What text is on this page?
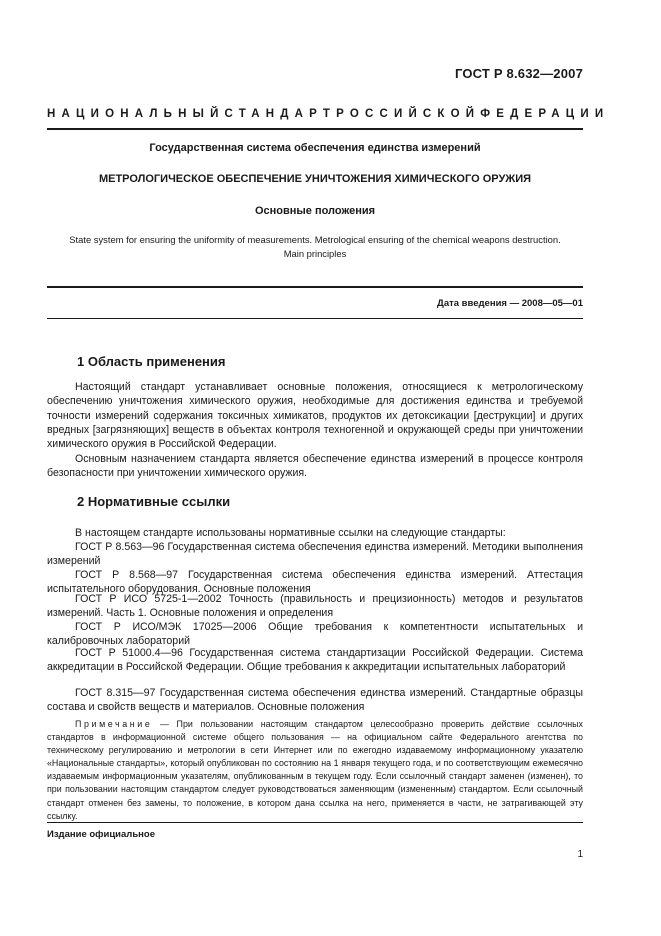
ГОСТ Р 8.632—2007
НАЦИОНАЛЬНЫЙ СТАНДАРТ РОССИЙСКОЙ ФЕДЕРАЦИИ
Государственная система обеспечения единства измерений
МЕТРОЛОГИЧЕСКОЕ ОБЕСПЕЧЕНИЕ УНИЧТОЖЕНИЯ ХИМИЧЕСКОГО ОРУЖИЯ
Основные положения
State system for ensuring the uniformity of measurements. Metrological ensuring of the chemical weapons destruction.
Main principles
Дата введения — 2008—05—01
1 Область применения
Настоящий стандарт устанавливает основные положения, относящиеся к метрологическому обеспечению уничтожения химического оружия, необходимые для достижения единства и требуемой точности измерений содержания токсичных химикатов, продуктов их детоксикации [деструкции] и других вредных [загрязняющих] веществ в объектах контроля техногенной и окружающей среды при уничтожении химического оружия в Российской Федерации.
Основным назначением стандарта является обеспечение единства измерений в процессе контроля безопасности при уничтожении химического оружия.
2 Нормативные ссылки
В настоящем стандарте использованы нормативные ссылки на следующие стандарты:
ГОСТ Р 8.563—96 Государственная система обеспечения единства измерений. Методики выполнения измерений
ГОСТ Р 8.568—97 Государственная система обеспечения единства измерений. Аттестация испытательного оборудования. Основные положения
ГОСТ Р ИСО 5725-1—2002 Точность (правильность и прецизионность) методов и результатов измерений. Часть 1. Основные положения и определения
ГОСТ Р ИСО/МЭК 17025—2006 Общие требования к компетентности испытательных и калибровочных лабораторий
ГОСТ Р 51000.4—96 Государственная система стандартизации Российской Федерации. Система аккредитации в Российской Федерации. Общие требования к аккредитации испытательных лабораторий
ГОСТ 8.315—97 Государственная система обеспечения единства измерений. Стандартные образцы состава и свойств веществ и материалов. Основные положения
Примечание — При пользовании настоящим стандартом целесообразно проверить действие ссылочных стандартов в информационной системе общего пользования — на официальном сайте Федерального агентства по техническому регулированию и метрологии в сети Интернет или по ежегодно издаваемому информационному указателю «Национальные стандарты», который опубликован по состоянию на 1 января текущего года, и по соответствующим ежемесячно издаваемым информационным указателям, опубликованным в текущем году. Если ссылочный стандарт заменен (изменен), то при пользовании настоящим стандартом следует руководствоваться заменяющим (измененным) стандартом. Если ссылочный стандарт отменен без замены, то положение, в котором дана ссылка на него, применяется в части, не затрагивающей эту ссылку.
Издание официальное
1
